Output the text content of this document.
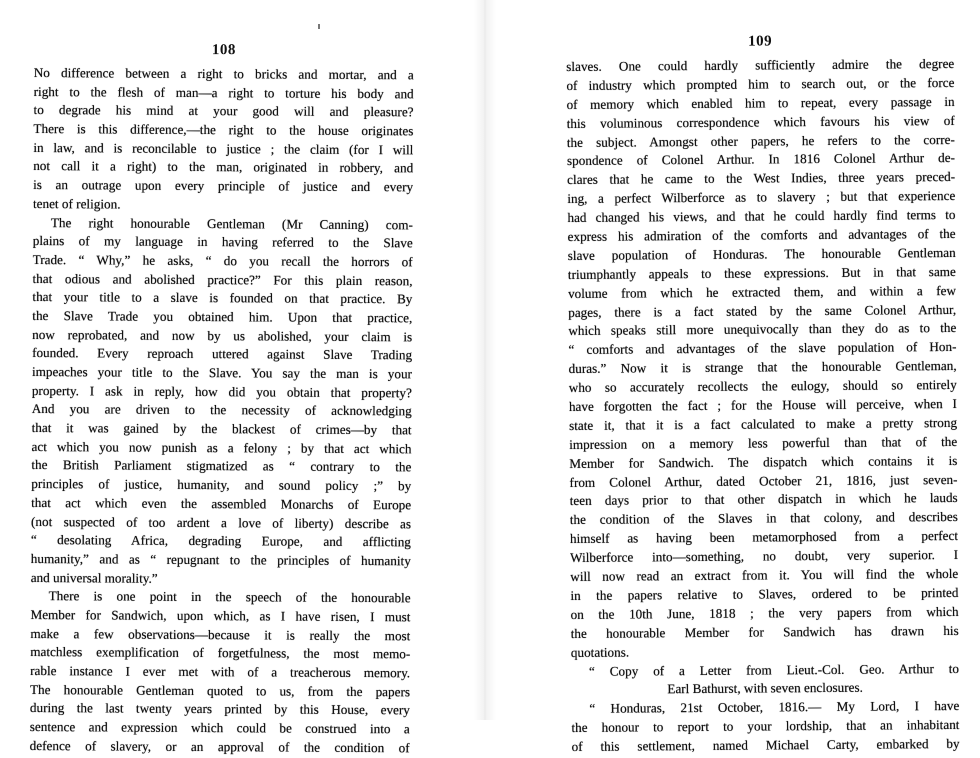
108
No difference between a right to bricks and mortar, and a
right to the flesh of man—a right to torture his body and
to degrade his mind at your good will and pleasure?
There is this difference,—the right to the house originates
in law, and is reconcilable to justice ; the claim (for I will
not call it a right) to the man, originated in robbery, and
is an outrage upon every principle of justice and every
tenet of religion.
The right honourable Gentleman (Mr Canning) com-
plains of my language in having referred to the Slave
Trade. “ Why,” he asks, “ do you recall the horrors of
that odious and abolished practice?” For this plain reason,
that your title to a slave is founded on that practice. By
the Slave Trade you obtained him. Upon that practice,
now reprobated, and now by us abolished, your claim is
founded. Every reproach uttered against Slave Trading
impeaches your title to the Slave. You say the man is your
property. I ask in reply, how did you obtain that property?
And you are driven to the necessity of acknowledging
that it was gained by the blackest of crimes—by that
act which you now punish as a felony ; by that act which
the British Parliament stigmatized as “ contrary to the
principles of justice, humanity, and sound policy ;” by
that act which even the assembled Monarchs of Europe
(not suspected of too ardent a love of liberty) describe as
“ desolating Africa, degrading Europe, and afflicting
humanity,” and as “ repugnant to the principles of humanity
and universal morality.”
There is one point in the speech of the honourable
Member for Sandwich, upon which, as I have risen, I must
make a few observations—because it is really the most
matchless exemplification of forgetfulness, the most memo-
rable instance I ever met with of a treacherous memory.
The honourable Gentleman quoted to us, from the papers
during the last twenty years printed by this House, every
sentence and expression which could be construed into a
defence of slavery, or an approval of the condition of
109
slaves. One could hardly sufficiently admire the degree
of industry which prompted him to search out, or the force
of memory which enabled him to repeat, every passage in
this voluminous correspondence which favours his view of
the subject. Amongst other papers, he refers to the corre-
spondence of Colonel Arthur. In 1816 Colonel Arthur de-
clares that he came to the West Indies, three years preced-
ing, a perfect Wilberforce as to slavery ; but that experience
had changed his views, and that he could hardly find terms to
express his admiration of the comforts and advantages of the
slave population of Honduras. The honourable Gentleman
triumphantly appeals to these expressions. But in that same
volume from which he extracted them, and within a few
pages, there is a fact stated by the same Colonel Arthur,
which speaks still more unequivocally than they do as to the
“ comforts and advantages of the slave population of Hon-
duras.” Now it is strange that the honourable Gentleman,
who so accurately recollects the eulogy, should so entirely
have forgotten the fact ; for the House will perceive, when I
state it, that it is a fact calculated to make a pretty strong
impression on a memory less powerful than that of the
Member for Sandwich. The dispatch which contains it is
from Colonel Arthur, dated October 21, 1816, just seven-
teen days prior to that other dispatch in which he lauds
the condition of the Slaves in that colony, and describes
himself as having been metamorphosed from a perfect
Wilberforce into—something, no doubt, very superior. I
will now read an extract from it. You will find the whole
in the papers relative to Slaves, ordered to be printed
on the 10th June, 1818 ; the very papers from which
the honourable Member for Sandwich has drawn his
quotations.
“ Copy of a Letter from Lieut.-Col. Geo. Arthur to
Earl Bathurst, with seven enclosures.
“ Honduras, 21st October, 1816.— My Lord, I have
the honour to report to your lordship, that an inhabitant
of this settlement, named Michael Carty, embarked by
